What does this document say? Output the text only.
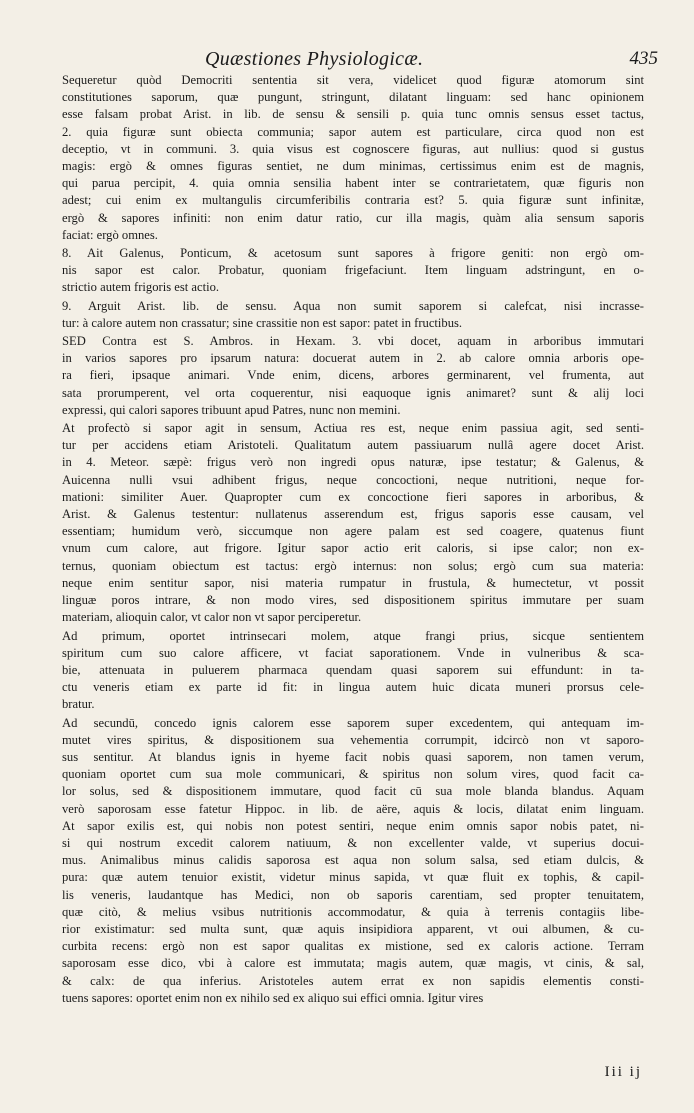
Quæstiones Physiologicæ.	435
Sequeretur quòd Democriti sententia sit vera, videlicet quod figuræ atomorum sint
constitutiones saporum, quæ pungunt, stringunt, dilatant linguam: sed hanc opinionem
esse falsam probat Arist. in lib. de sensu & sensili p. quia tunc omnis sensus esset tactus,
2. quia figuræ sunt obiecta communia; sapor autem est particulare, circa quod non est
deceptio, vt in communi. 3. quia visus est cognoscere figuras, aut nullius: quod si gustus
magis: ergò & omnes figuras sentiet, ne dum minimas, certissimus enim est de magnis,
qui parua percipit, 4. quia omnia sensilia habent inter se contrarietatem, quæ figuris non
adest; cui enim ex multangulis circumferibilis contraria est? 5. quia figuræ sunt infinitæ,
ergò & sapores infiniti: non enim datur ratio, cur illa magis, quàm alia sensum saporis
faciat: ergò omnes.
8. Ait Galenus, Ponticum, & acetosum sunt sapores à frigore geniti: non ergò om-
nis sapor est calor. Probatur, quoniam frigefaciunt. Item linguam adstringunt, en o-
strictio autem frigoris est actio.
9. Arguit Arist. lib. de sensu. Aqua non sumit saporem si calefcat, nisi incrasse-
tur: à calore autem non crassatur; sine crassitie non est sapor: patet in fructibus.
SED Contra est S. Ambros. in Hexam. 3. vbi docet, aquam in arboribus immutari
in varios sapores pro ipsarum natura: docuerat autem in 2. ab calore omnia arboris ope-
ra fieri, ipsaque animari. Vnde enim, dicens, arbores germinarent, vel frumenta, aut
sata prorumperent, vel orta coquerentur, nisi eaquoque ignis animaret? sunt & alij loci
expressi, qui calori sapores tribuunt apud Patres, nunc non memini.
At profectò si sapor agit in sensum, Actiua res est, neque enim passiua agit, sed senti-
tur per accidens etiam Aristoteli. Qualitatum autem passiuarum nullâ agere docet Arist.
in 4. Meteor. sæpè: frigus verò non ingredi opus naturæ, ipse testatur; & Galenus, &
Auicenna nulli vsui adhibent frigus, neque concoctioni, neque nutritioni, neque for-
mationi: similiter Auer. Quapropter cum ex concoctione fieri sapores in arboribus, &
Arist. & Galenus testentur: nullatenus asserendum est, frigus saporis esse causam, vel
essentiam; humidum verò, siccumque non agere palam est sed coagere, quatenus fiunt
vnum cum calore, aut frigore. Igitur sapor actio erit caloris, si ipse calor; non ex-
ternus, quoniam obiectum est tactus: ergò internus: non solus; ergò cum sua materia:
neque enim sentitur sapor, nisi materia rumpatur in frustula, & humectetur, vt possit
linguæ poros intrare, & non modo vires, sed dispositionem spiritus immutare per suam
materiam, alioquin calor, vt calor non vt sapor perciperetur.
Ad primum, oportet intrinsecari molem, atque frangi prius, sicque sentientem
spiritum cum suo calore afficere, vt faciat saporationem. Vnde in vulneribus & sca-
bie, attenuata in puluerem pharmaca quendam quasi saporem sui effundunt: in ta-
ctu veneris etiam ex parte id fit: in lingua autem huic dicata muneri prorsus cele-
bratur.
Ad secundū, concedo ignis calorem esse saporem super excedentem, qui antequam im-
mutet vires spiritus, & dispositionem sua vehementia corrumpit, idcircò non vt saporo-
sus sentitur. At blandus ignis in hyeme facit nobis quasi saporem, non tamen verum,
quoniam oportet cum sua mole communicari, & spiritus non solum vires, quod facit ca-
lor solus, sed & dispositionem immutare, quod facit cū sua mole blanda blandus. Aquam
verò saporosam esse fatetur Hippoc. in lib. de aëre, aquis & locis, dilatat enim linguam.
At sapor exilis est, qui nobis non potest sentiri, neque enim omnis sapor nobis patet, ni-
si qui nostrum excedit calorem natiuum, & non excellenter valde, vt superius docui-
mus. Animalibus minus calidis saporosa est aqua non solum salsa, sed etiam dulcis, &
pura: quæ autem tenuior existit, videtur minus sapida, vt quæ fluit ex tophis, & capil-
lis veneris, laudantque has Medici, non ob saporis carentiam, sed propter tenuitatem,
quæ citò, & melius vsibus nutritionis accommodatur, & quia à terrenis contagiis libe-
rior existimatur: sed multa sunt, quæ aquis insipidiora apparent, vt oui albumen, & cu-
curbita recens: ergò non est sapor qualitas ex mistione, sed ex caloris actione. Terram
saporosam esse dico, vbi à calore est immutata; magis autem, quæ magis, vt cinis, & sal,
& calx: de qua inferius. Aristoteles autem errat ex non sapidis elementis consti-
tuens sapores: oportet enim non ex nihilo sed ex aliquo sui effici omnia. Igitur vires
Iii ij
